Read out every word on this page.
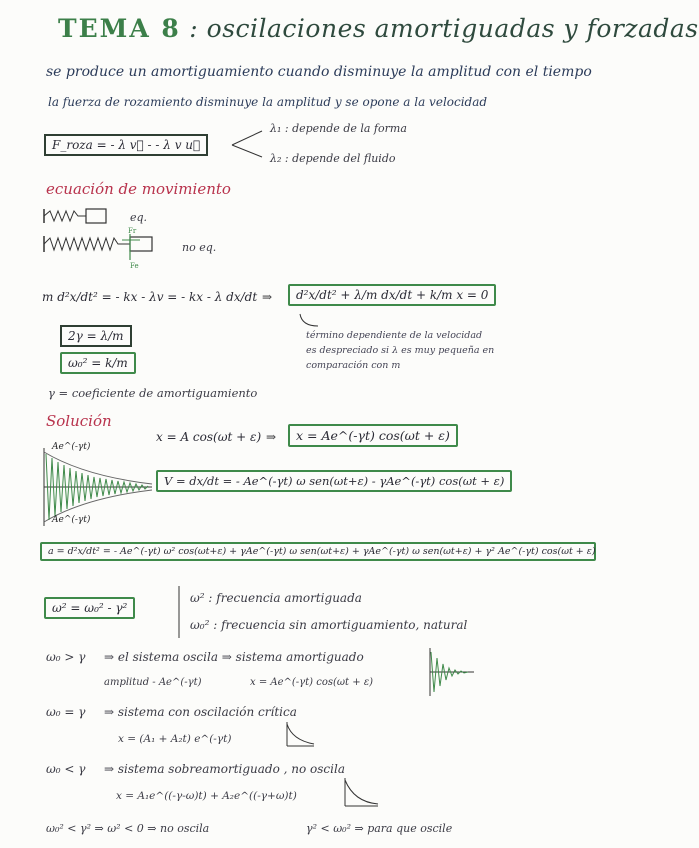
TEMA 8 : oscilaciones amortiguadas y forzadas
se produce un amortiguamiento cuando disminuye la amplitud con el tiempo
la fuerza de rozamiento disminuye la amplitud y se opone a la velocidad
F_roza = - λ v⃗ - - λ v u⃗
λ₁ : depende de la forma
λ₂ : depende del fluido
ecuación de movimiento
eq.
Fr
Fe
no eq.
m d²x/dt² = - kx - λv = - kx - λ dx/dt ⇒	d²x/dt² + λ/m dx/dt + k/m x = 0
2γ = λ/m
ω₀² = k/m
término dependiente de la velocidad
es despreciado si λ es muy pequeña en
comparación con m
γ = coeficiente de amortiguamiento
Solución
x = A cos(ωt + ε) ⇒	x = Ae^(-γt) cos(ωt + ε)
Ae^(-γt)
Ae^(-γt)
V = dx/dt = - Ae^(-γt) ω sen(ωt+ε) - γAe^(-γt) cos(ωt + ε)
a = d²x/dt² = - Ae^(-γt) ω² cos(ωt+ε) + γAe^(-γt) ω sen(ωt+ε) + γAe^(-γt) ω sen(ωt+ε) + γ² Ae^(-γt) cos(ωt + ε)
ω² = ω₀² - γ²
ω² : frecuencia amortiguada
ω₀² : frecuencia sin amortiguamiento, natural
ω₀ > γ ⇒ el sistema oscila ⇒ sistema amortiguado
amplitud - Ae^(-γt)	x = Ae^(-γt) cos(ωt + ε)
ω₀ = γ ⇒ sistema con oscilación crítica
x = (A₁ + A₂t) e^(-γt)
ω₀ < γ ⇒ sistema sobreamortiguado , no oscila
x = A₁e^((-γ-ω)t) + A₂e^((-γ+ω)t)
ω₀² < γ² ⇒ ω² < 0 ⇒ no oscila	γ² < ω₀² ⇒ para que oscile
